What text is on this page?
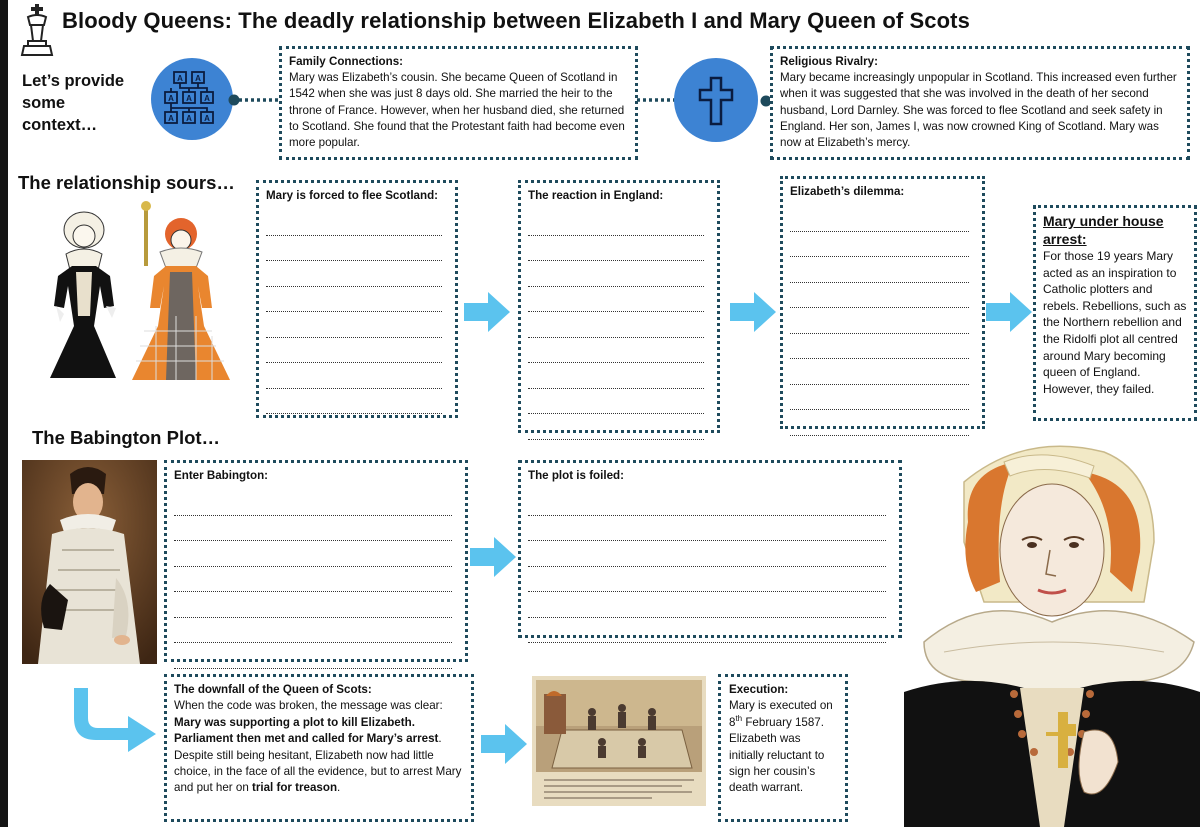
Bloody Queens: The deadly relationship between Elizabeth I and Mary Queen of Scots
Let’s provide some context…
A A
A A A
A A A
Family Connections:
Mary was Elizabeth’s cousin. She became Queen of Scotland in 1542 when she was just 8 days old. She married the heir to the throne of France. However, when her husband died, she returned to Scotland. She found that the Protestant faith had become even more popular.
Religious Rivalry:
Mary became increasingly unpopular in Scotland. This increased even further when it was suggested that she was involved in the death of her second husband, Lord Darnley. She was forced to flee Scotland and seek safety in England. Her son, James I, was now crowned King of Scotland. Mary was now at Elizabeth’s mercy.
The relationship sours…
Mary is forced to flee Scotland:	The reaction in England:	Elizabeth’s dilemma:
Mary under house arrest:
For those 19 years Mary acted as an inspiration to Catholic plotters and rebels. Rebellions, such as the Northern rebellion and the Ridolfi plot all centred around Mary becoming queen of England. However, they failed.
The Babington Plot…
Enter Babington:	The plot is foiled:
The downfall of the Queen of Scots:
When the code was broken, the message was clear: Mary was supporting a plot to kill Elizabeth. Parliament then met and called for Mary’s arrest. Despite still being hesitant, Elizabeth now had little choice, in the face of all the evidence, but to arrest Mary and put her on trial for treason.
Execution:
Mary is executed on 8th February 1587. Elizabeth was initially reluctant to sign her cousin’s death warrant.
